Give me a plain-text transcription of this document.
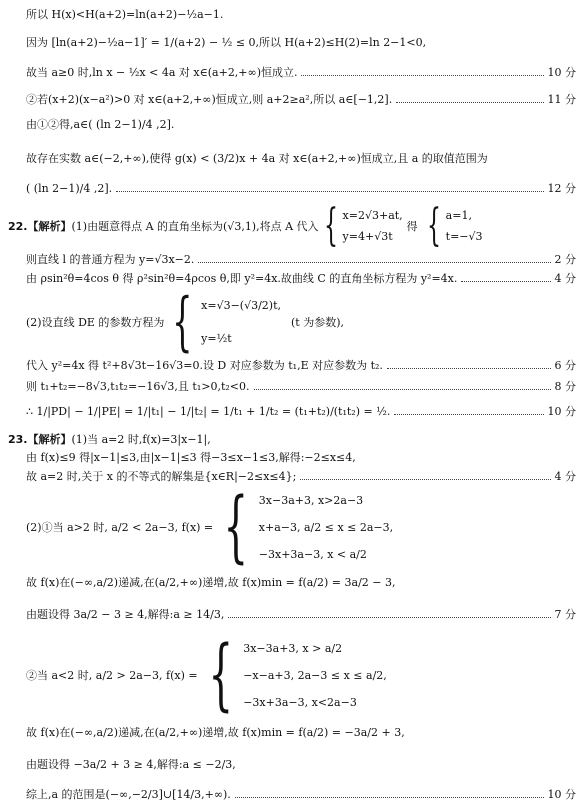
所以 H(x)<H(a+2)=ln(a+2)−½a−1.
因为 [ln(a+2)−½a−1]′ = 1/(a+2) − ½ ≤ 0,所以 H(a+2)≤H(2)=ln 2−1<0,
故当 a≥0 时,ln x − ½x < 4a 对 x∈(a+2,+∞)恒成立.	10 分
②若(x+2)(x−a²)>0 对 x∈(a+2,+∞)恒成立,则 a+2≥a²,所以 a∈[−1,2].	11 分
由①②得,a∈( (ln 2−1)/4 ,2].
故存在实数 a∈(−2,+∞),使得 g(x) < (3/2)x + 4a 对 x∈(a+2,+∞)恒成立,且 a 的取值范围为
( (ln 2−1)/4 ,2].	12 分
22. 【解析】 (1)由题意得点 A 的直角坐标为(√3,1),将点 A 代入 { x=2√3+at,
y=4+√3t
得 { a=1,
t=−√3
则直线 l 的普通方程为 y=√3x−2.	2 分
由 ρsin²θ=4cos θ 得 ρ²sin²θ=4ρcos θ,即 y²=4x.故曲线 C 的直角坐标方程为 y²=4x.	4 分
(2)设直线 DE 的参数方程为 { x=√3−(√3/2)t,
y=½t
(t 为参数),
代入 y²=4x 得 t²+8√3t−16√3=0.设 D 对应参数为 t₁,E 对应参数为 t₂.	6 分
则 t₁+t₂=−8√3,t₁t₂=−16√3,且 t₁>0,t₂<0.	8 分
∴ 1/|PD| − 1/|PE| = 1/|t₁| − 1/|t₂| = 1/t₁ + 1/t₂ = (t₁+t₂)/(t₁t₂) = ½.	10 分
23. 【解析】 (1)当 a=2 时,f(x)=3|x−1|,
由 f(x)≤9 得|x−1|≤3,由|x−1|≤3 得−3≤x−1≤3,解得:−2≤x≤4,
故 a=2 时,关于 x 的不等式的解集是{x∈R|−2≤x≤4};	4 分
(2)①当 a>2 时, a/2 < 2a−3, f(x) = { 3x−3a+3, x>2a−3
x+a−3, a/2 ≤ x ≤ 2a−3,
−3x+3a−3, x < a/2
故 f(x)在(−∞,a/2)递减,在(a/2,+∞)递增,故 f(x)min = f(a/2) = 3a/2 − 3,
由题设得 3a/2 − 3 ≥ 4,解得:a ≥ 14/3,	7 分
②当 a<2 时, a/2 > 2a−3, f(x) = { 3x−3a+3, x > a/2
−x−a+3, 2a−3 ≤ x ≤ a/2,
−3x+3a−3, x<2a−3
故 f(x)在(−∞,a/2)递减,在(a/2,+∞)递增,故 f(x)min = f(a/2) = −3a/2 + 3,
由题设得 −3a/2 + 3 ≥ 4,解得:a ≤ −2/3,
综上,a 的范围是(−∞,−2/3]∪[14/3,+∞).	10 分
